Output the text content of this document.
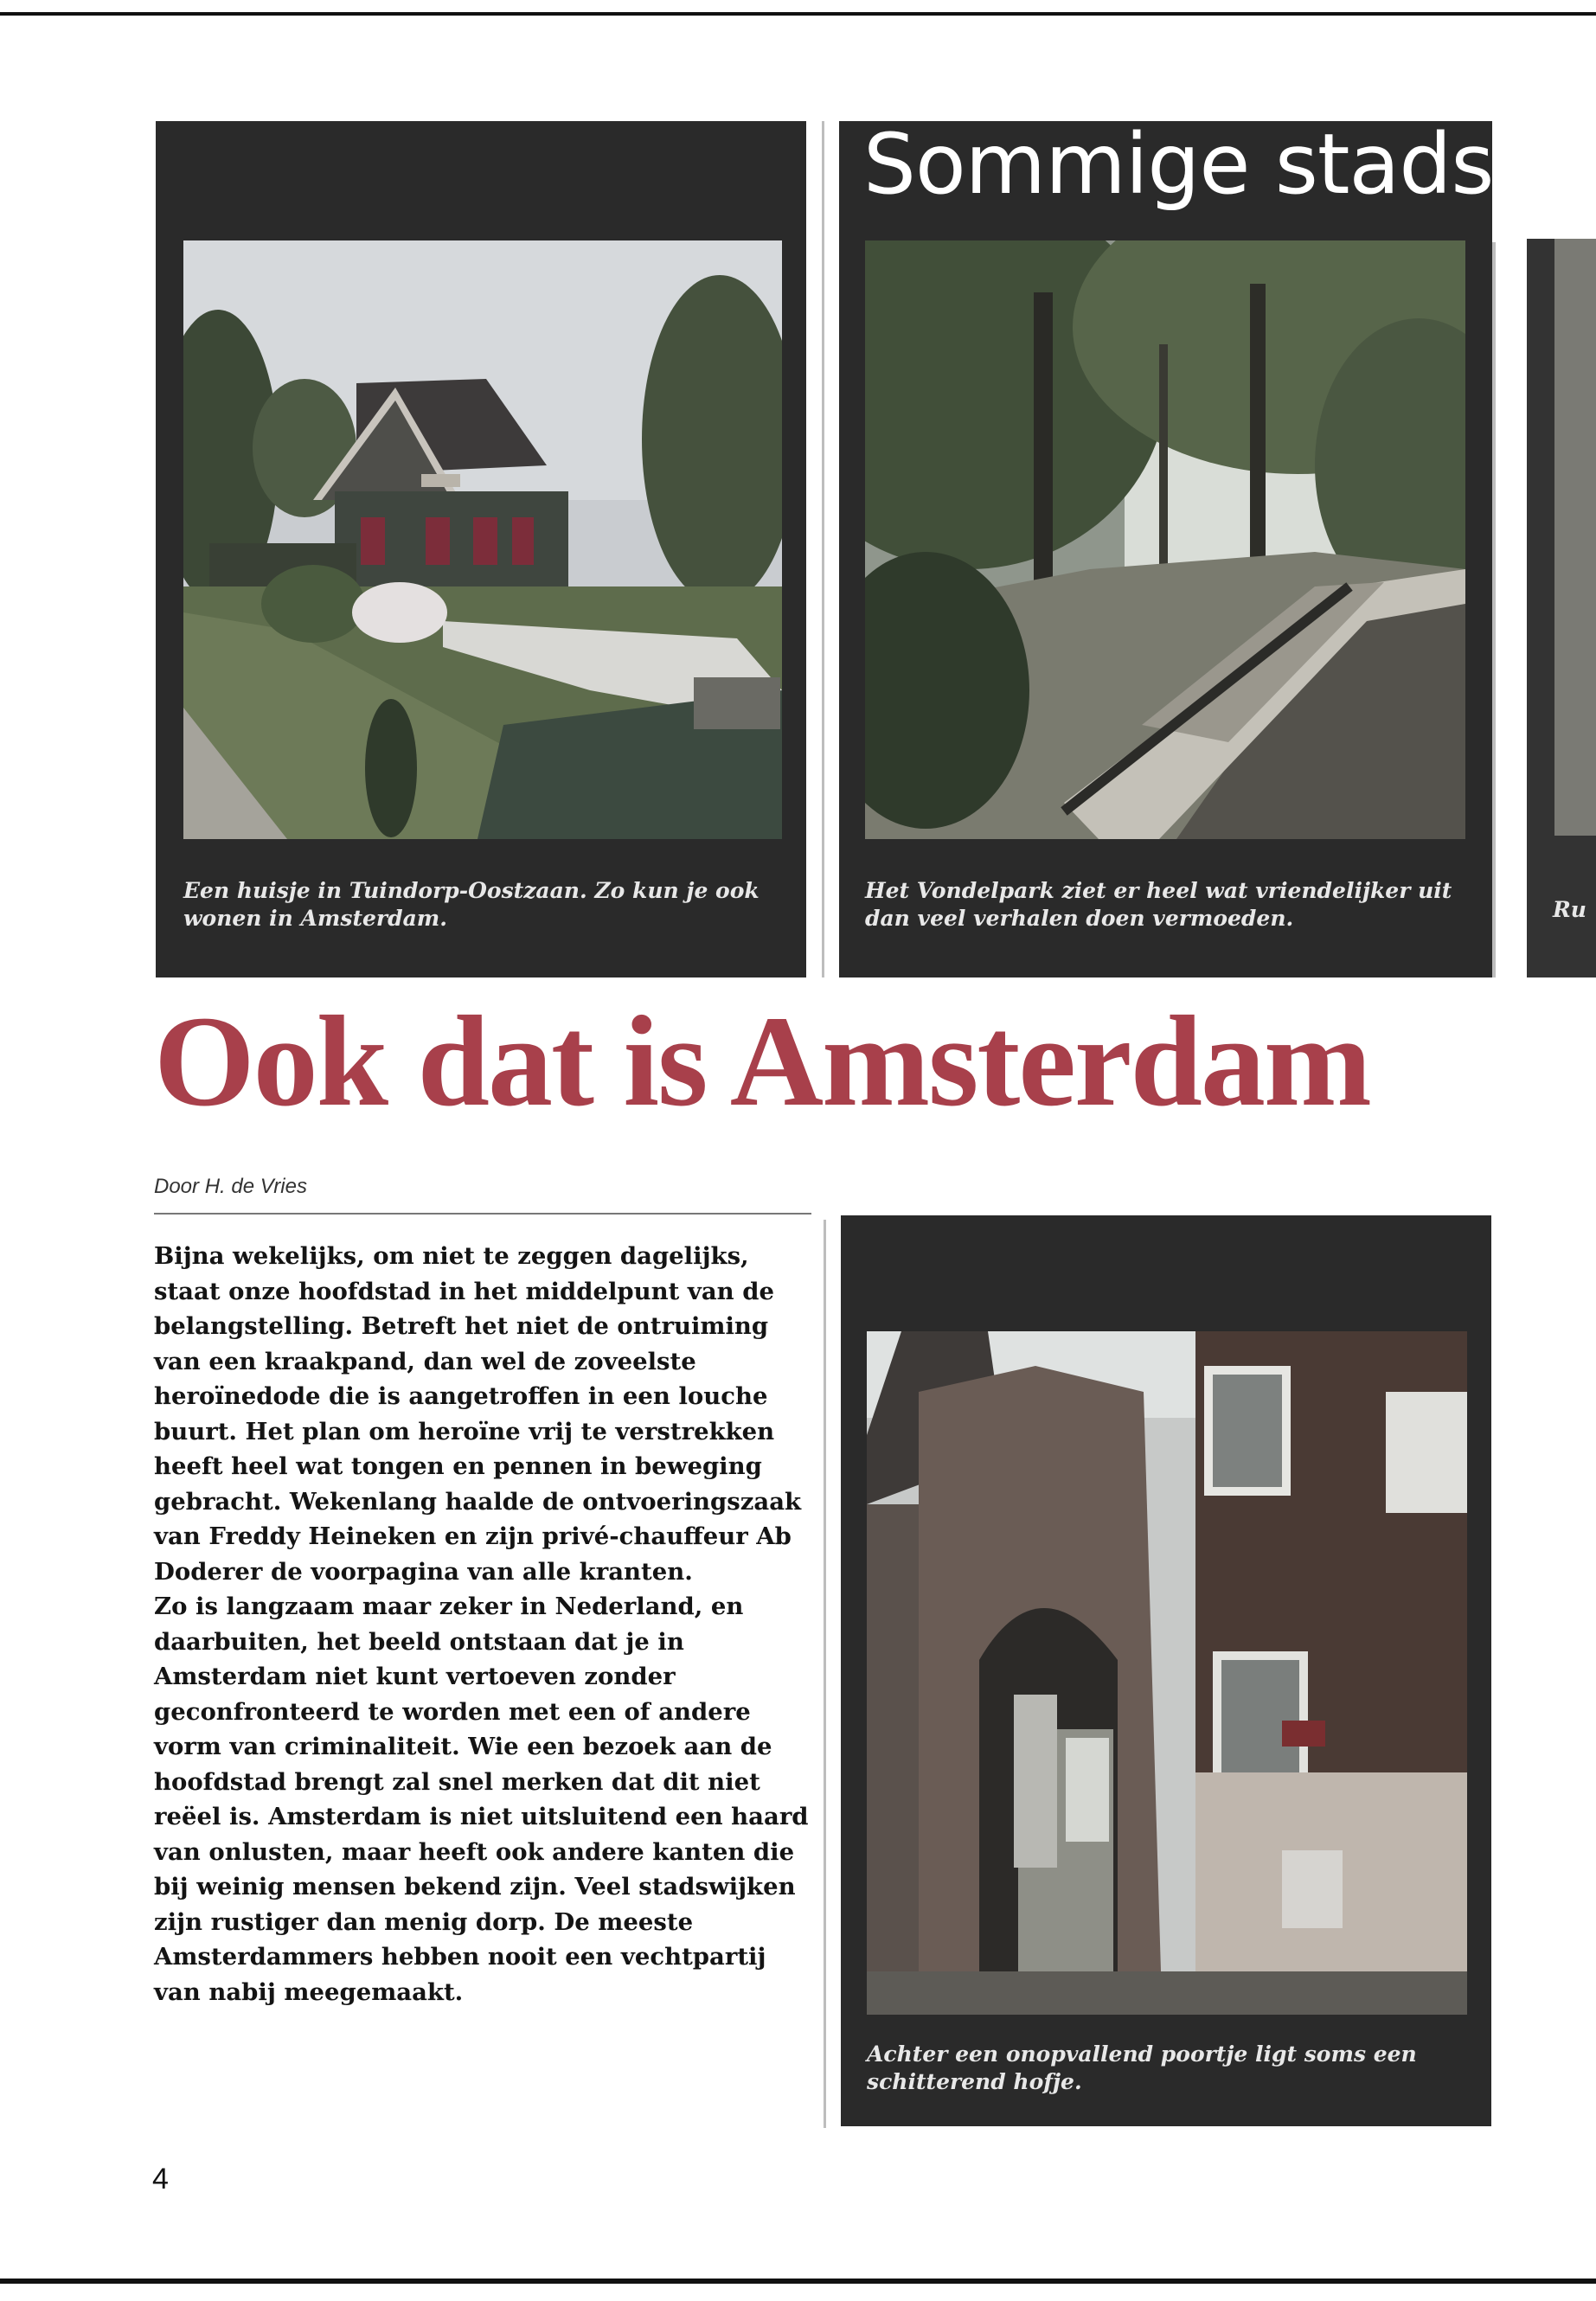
Een huisje in Tuindorp-Oostzaan. Zo kun je ook wonen in Amsterdam.
Het Vondelpark ziet er heel wat vriendelijker uit dan veel verhalen doen vermoeden.
Sommige stadsw
Ru
Ook dat is Amsterdam
Door H. de Vries

Bijna wekelijks, om niet te zeggen dagelijks, staat onze hoofdstad in het middelpunt van de belangstelling. Betreft het niet de ontruiming van een kraakpand, dan wel de zoveelste heroïnedode die is aangetroffen in een louche buurt. Het plan om heroïne vrij te verstrekken heeft heel wat tongen en pennen in beweging gebracht. Wekenlang haalde de ontvoeringszaak van Freddy Heineken en zijn privé-chauffeur Ab Doderer de voorpagina van alle kranten.

Zo is langzaam maar zeker in Nederland, en daarbuiten, het beeld ontstaan dat je in Amsterdam niet kunt vertoeven zonder geconfronteerd te worden met een of andere vorm van criminaliteit. Wie een bezoek aan de hoofdstad brengt zal snel merken dat dit niet reëel is. Amsterdam is niet uitsluitend een haard van onlusten, maar heeft ook andere kanten die bij weinig mensen bekend zijn. Veel stadswijken zijn rustiger dan menig dorp. De meeste Amsterdammers hebben nooit een vechtpartij van nabij meegemaakt.

Achter een onopvallend poortje ligt soms een schitterend hofje.
4
